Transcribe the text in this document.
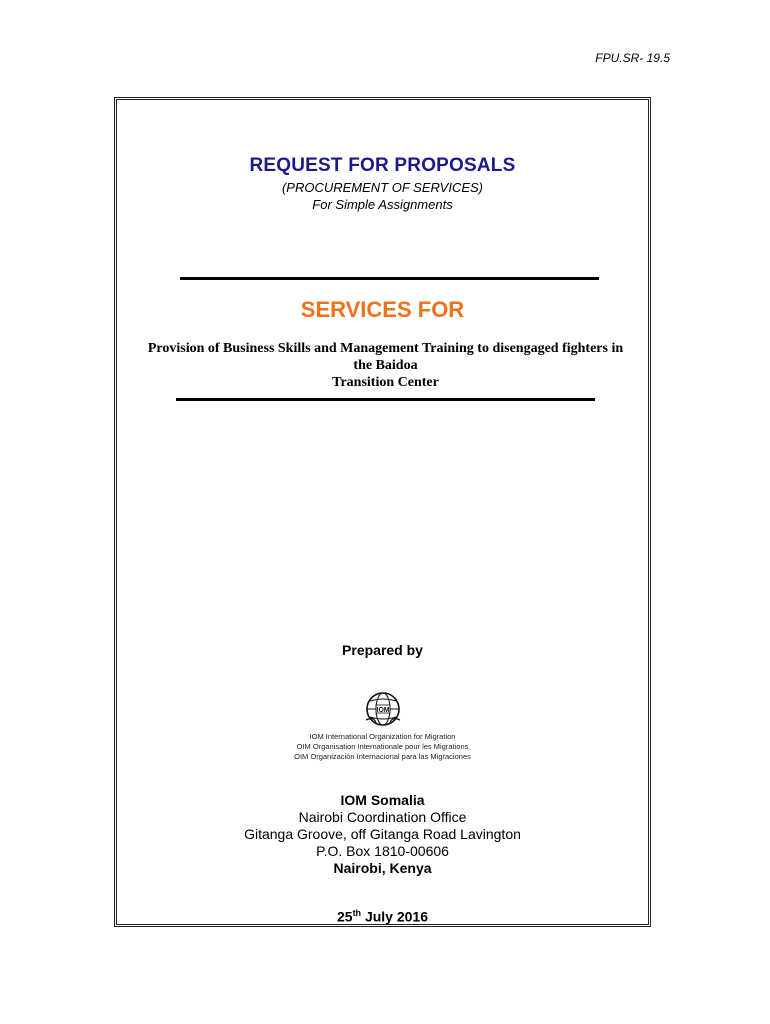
FPU.SR- 19.5
REQUEST FOR PROPOSALS
(PROCUREMENT OF SERVICES)
For Simple Assignments
SERVICES FOR
Provision of Business Skills and Management Training to disengaged fighters in
the Baidoa
Transition Center
Prepared by
IOM
IOM International Organization for Migration
OIM Organisation Internationale pour les Migrations
OIM Organización Internacional para las Migraciones
IOM Somalia
Nairobi Coordination Office
Gitanga Groove, off Gitanga Road Lavington
P.O. Box 1810-00606
Nairobi, Kenya
25th July 2016
